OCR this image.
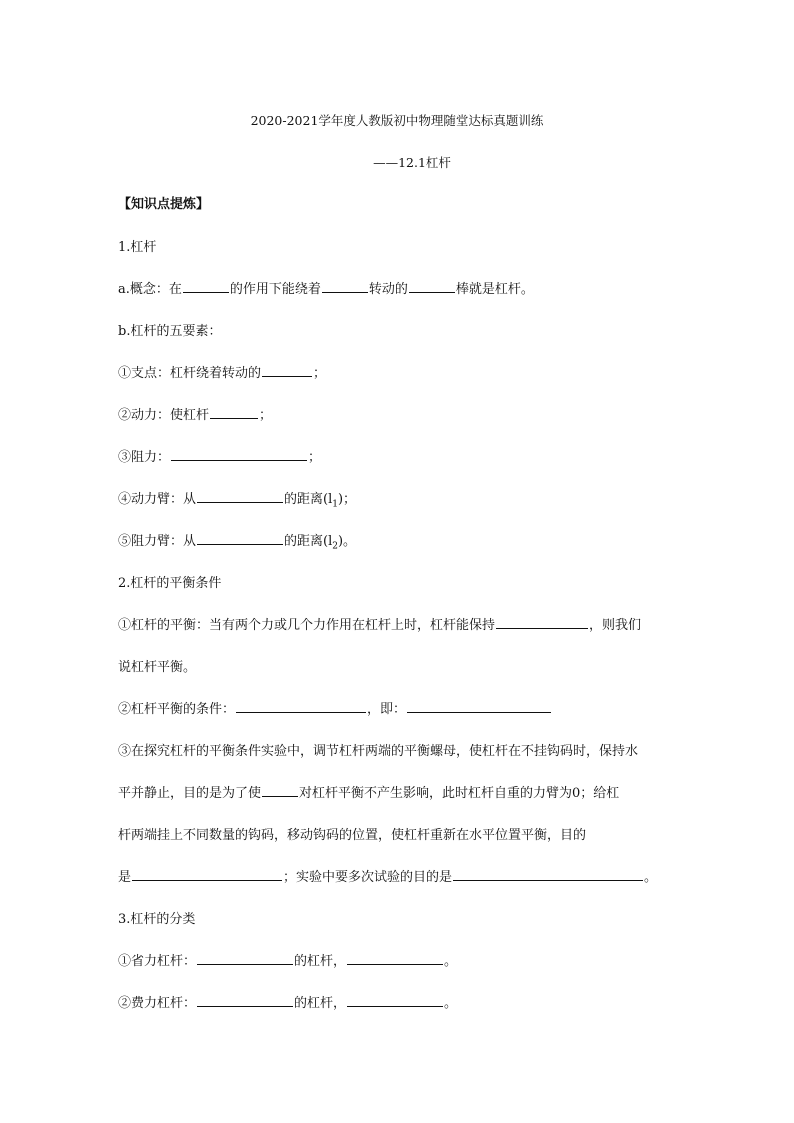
2020-2021学年度人教版初中物理随堂达标真题训练
——12.1杠杆
【知识点提炼】
1.杠杆
a.概念：在	的作用下能绕着	转动的	棒就是杠杆。
b.杠杆的五要素：
①支点：杠杆绕着转动的	；
②动力：使杠杆	；
③阻力：	；
④动力臂：从	的距离$(l_1)$；
⑤阻力臂：从	的距离$(l_2)$。
2.杠杆的平衡条件
①杠杆的平衡：当有两个力或几个力作用在杠杆上时，杠杆能保持	，则我们
说杠杆平衡。
②杠杆平衡的条件：	，即：
③在探究杠杆的平衡条件实验中，调节杠杆两端的平衡螺母，使杠杆在不挂钩码时，保持水
平并静止，目的是为了使	对杠杆平衡不产生影响，此时杠杆自重的力臂为0；给杠
杆两端挂上不同数量的钩码，移动钩码的位置，使杠杆重新在水平位置平衡，目的
是	；实验中要多次试验的目的是	。
3.杠杆的分类
①省力杠杆：	的杠杆，	。
②费力杠杆：	的杠杆，	。
